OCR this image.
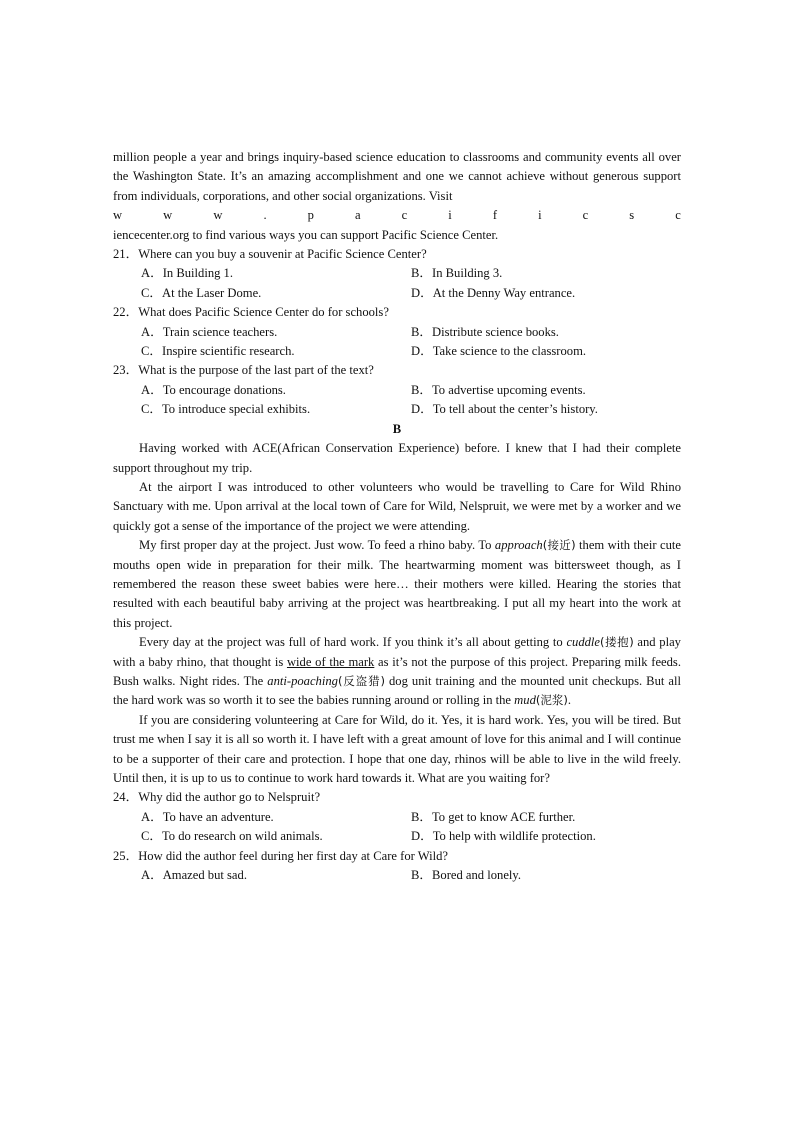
million people a year and brings inquiry-based science education to classrooms and community events all over the Washington State. It’s an amazing accomplishment and one we cannot achieve without generous support from individuals, corporations, and other social organizations. Visit

w	w	w	.	p	a	c	i	f	i	c	s	c

iencecenter.org to find various ways you can support Pacific Science Center.

21．Where can you buy a souvenir at Pacific Science Center?

A．In Building 1.	B．In Building 3.
C．At the Laser Dome.	D．At the Denny Way entrance.

22．What does Pacific Science Center do for schools?

A．Train science teachers.	B．Distribute science books.
C．Inspire scientific research.	D．Take science to the classroom.

23．What is the purpose of the last part of the text?

A．To encourage donations.	B．To advertise upcoming events.
C．To introduce special exhibits.	D．To tell about the center’s history.

B

Having worked with ACE(African Conservation Experience) before. I knew that I had their complete support throughout my trip.

At the airport I was introduced to other volunteers who would be travelling to Care for Wild Rhino Sanctuary with me. Upon arrival at the local town of Care for Wild, Nelspruit, we were met by a worker and we quickly got a sense of the importance of the project we were attending.

My first proper day at the project. Just wow. To feed a rhino baby. To approach(接近) them with their cute mouths open wide in preparation for their milk. The heartwarming moment was bittersweet though, as I remembered the reason these sweet babies were here… their mothers were killed. Hearing the stories that resulted with each beautiful baby arriving at the project was heartbreaking. I put all my heart into the work at this project.

Every day at the project was full of hard work. If you think it’s all about getting to cuddle(搂抱) and play with a baby rhino, that thought is wide of the mark as it’s not the purpose of this project. Preparing milk feeds. Bush walks. Night rides. The anti-poaching(反盗猎) dog unit training and the mounted unit checkups. But all the hard work was so worth it to see the babies running around or rolling in the mud(泥浆).

If you are considering volunteering at Care for Wild, do it. Yes, it is hard work. Yes, you will be tired. But trust me when I say it is all so worth it. I have left with a great amount of love for this animal and I will continue to be a supporter of their care and protection. I hope that one day, rhinos will be able to live in the wild freely. Until then, it is up to us to continue to work hard towards it. What are you waiting for?

24．Why did the author go to Nelspruit?

A．To have an adventure.	B．To get to know ACE further.
C．To do research on wild animals.	D．To help with wildlife protection.

25．How did the author feel during her first day at Care for Wild?

A．Amazed but sad.	B．Bored and lonely.
